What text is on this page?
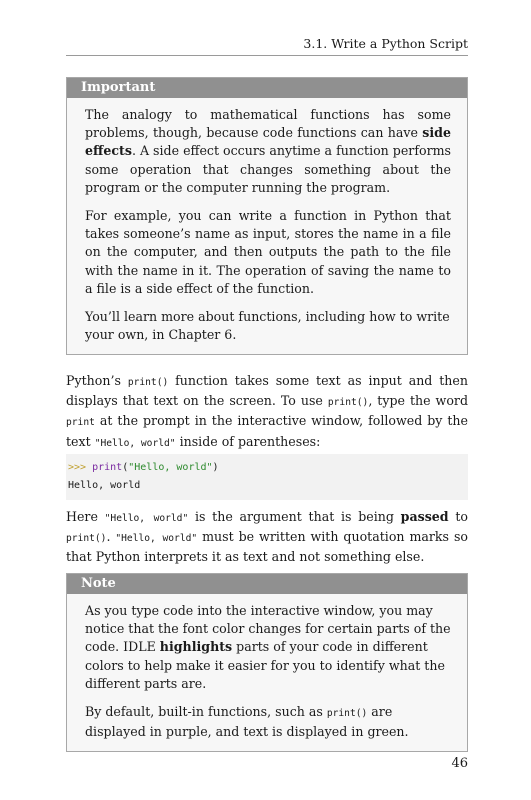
3.1. Write a Python Script
Important

The analogy to mathematical functions has some problems, though, because code functions can have side effects. A side effect occurs anytime a function performs some operation that changes something about the program or the computer running the program.

For example, you can write a function in Python that takes someone’s name as input, stores the name in a file on the computer, and then outputs the path to the file with the name in it. The operation of saving the name to a file is a side effect of the function.

You’ll learn more about functions, including how to write your own, in Chapter 6.

Python’s print() function takes some text as input and then displays that text on the screen. To use print(), type the word print at the prompt in the interactive window, followed by the text "Hello, world" inside of parentheses:

>>> print("Hello, world")
Hello, world

Here "Hello, world" is the argument that is being passed to print(). "Hello, world" must be written with quotation marks so that Python interprets it as text and not something else.

Note

As you type code into the interactive window, you may notice that the font color changes for certain parts of the code. IDLE highlights parts of your code in different colors to help make it easier for you to identify what the different parts are.

By default, built-in functions, such as print() are displayed in purple, and text is displayed in green.

46
